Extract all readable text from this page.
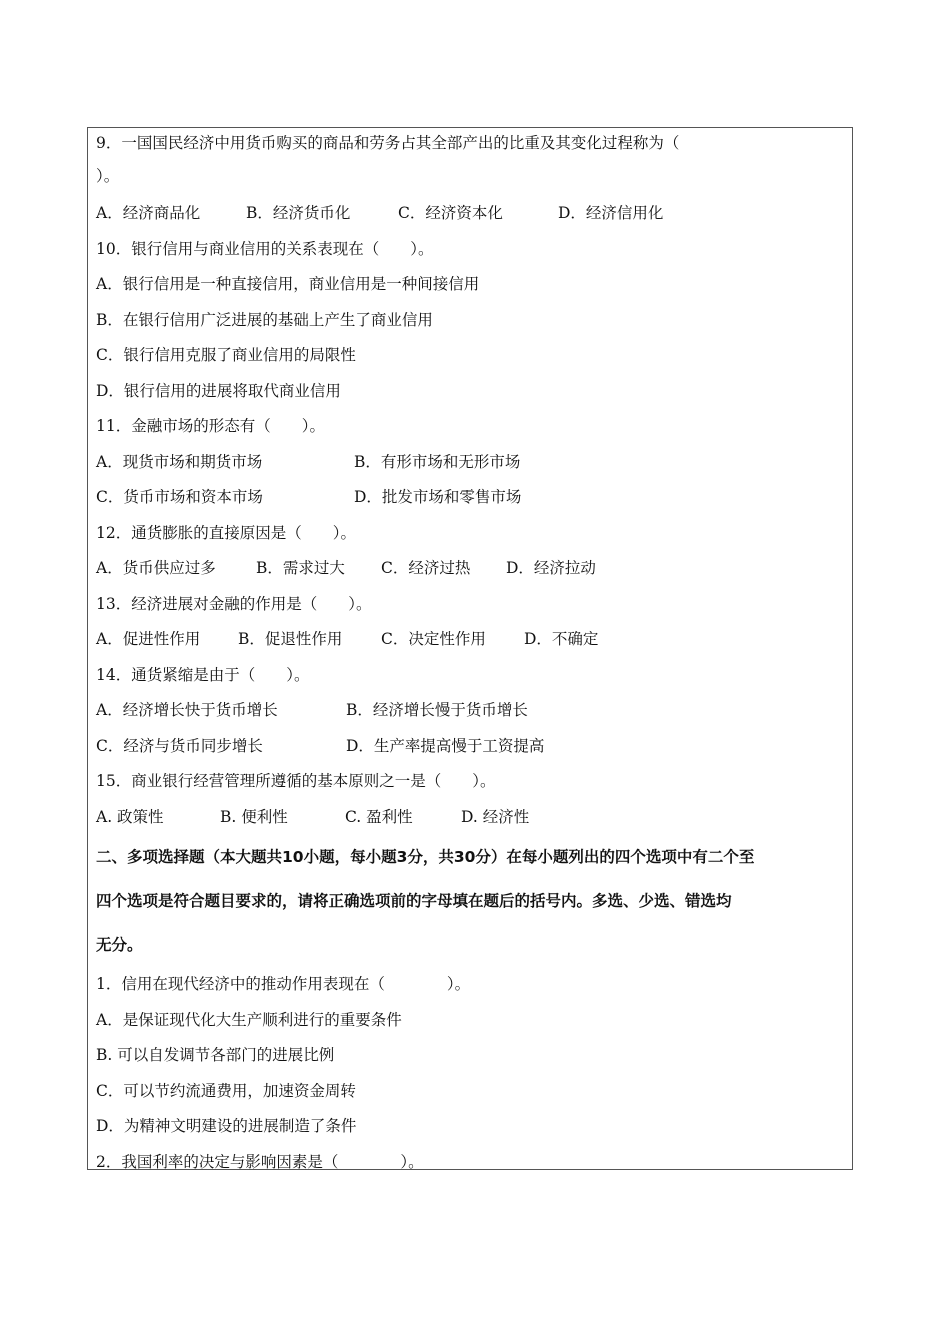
9．一国国民经济中用货币购买的商品和劳务占其全部产出的比重及其变化过程称为（
）。
A．经济商品化	B．经济货币化	C．经济资本化	D．经济信用化
10．银行信用与商业信用的关系表现在（　　）。
A．银行信用是一种直接信用，商业信用是一种间接信用
B．在银行信用广泛进展的基础上产生了商业信用
C．银行信用克服了商业信用的局限性
D．银行信用的进展将取代商业信用
11．金融市场的形态有（　　）。
A．现货市场和期货市场	B．有形市场和无形市场
C．货币市场和资本市场	D．批发市场和零售市场
12．通货膨胀的直接原因是（　　）。
A．货币供应过多	B．需求过大	C．经济过热	D．经济拉动
13．经济进展对金融的作用是（　　）。
A．促进性作用	B．促退性作用	C．决定性作用	D．不确定
14．通货紧缩是由于（　　）。
A．经济增长快于货币增长	B．经济增长慢于货币增长
C．经济与货币同步增长	D．生产率提高慢于工资提高
15．商业银行经营管理所遵循的基本原则之一是（　　）。
A. 政策性	B. 便利性	C. 盈利性	D. 经济性
二、多项选择题（本大题共10小题，每小题3分，共30分）在每小题列出的四个选项中有二个至
四个选项是符合题目要求的，请将正确选项前的字母填在题后的括号内。多选、少选、错选均
无分。
1．信用在现代经济中的推动作用表现在（　　　　）。
A．是保证现代化大生产顺利进行的重要条件
B. 可以自发调节各部门的进展比例
C．可以节约流通费用，加速资金周转
D．为精神文明建设的进展制造了条件
2．我国利率的决定与影响因素是（　　　　）。
